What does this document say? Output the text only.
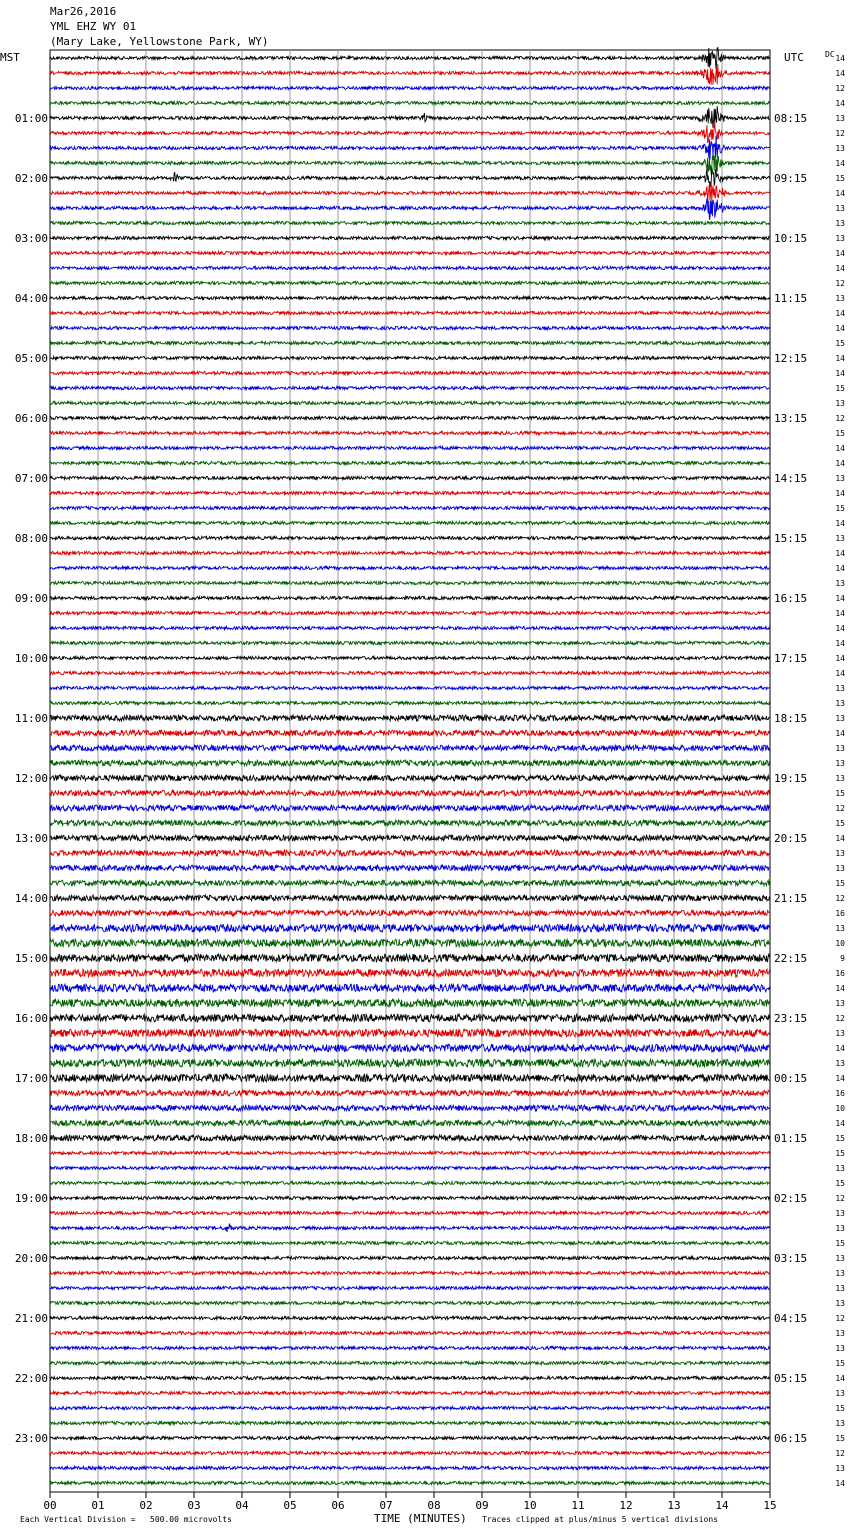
Mar26,2016
YML EHZ WY 01
(Mary Lake, Yellowstone Park, WY)
14
14
12
14
13
12
13
14
15
14
13
13
13
14
14
12
13
14
14
15
14
14
15
13
12
15
14
14
13
14
15
14
13
14
14
13
14
14
14
14
14
14
13
13
13
14
13
13
13
15
12
15
14
13
13
15
12
16
13
10
9
16
14
13
12
13
14
13
14
16
10
14
15
15
13
15
12
13
13
15
13
13
13
13
12
13
13
15
14
13
15
13
15
12
13
14
MST	UTC	DC
01:00
02:00
03:00
04:00
05:00
06:00
07:00
08:00
09:00
10:00
11:00
12:00
13:00
14:00
15:00
16:00
17:00
18:00
19:00
20:00
21:00
22:00
23:00
08:15
09:15
10:15
11:15
12:15
13:15
14:15
15:15
16:15
17:15
18:15
19:15
20:15
21:15
22:15
23:15
00:15
01:15
02:15
03:15
04:15
05:15
06:15
00	01	02	03	04	05	06	07	08	09	10	11	12	13	14	15
Each Vertical Division =   500.00 microvolts	TIME (MINUTES) Traces clipped at plus/minus 5 vertical divisions
